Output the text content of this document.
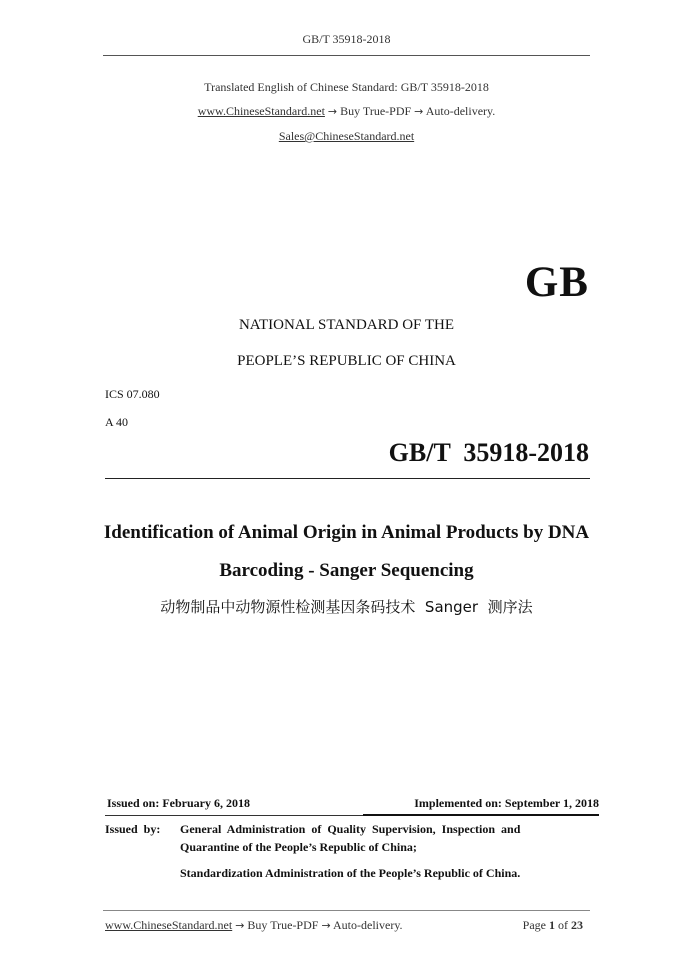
GB/T 35918-2018
Translated English of Chinese Standard: GB/T 35918-2018
www.ChineseStandard.net → Buy True-PDF → Auto-delivery.
Sales@ChineseStandard.net
GB
NATIONAL STANDARD OF THE
PEOPLE’S REPUBLIC OF CHINA
ICS 07.080
A 40
GB/T  35918-2018
Identification of Animal Origin in Animal Products by DNA
Barcoding - Sanger Sequencing
动物制品中动物源性检测基因条码技术  Sanger  测序法
Issued on: February 6, 2018	Implemented on: September 1, 2018
Issued  by: General  Administration  of  Quality  Supervision,  Inspection  and
Quarantine of the People’s Republic of China;
Standardization Administration of the People’s Republic of China.
www.ChineseStandard.net → Buy True-PDF → Auto-delivery.	Page 1 of 23
